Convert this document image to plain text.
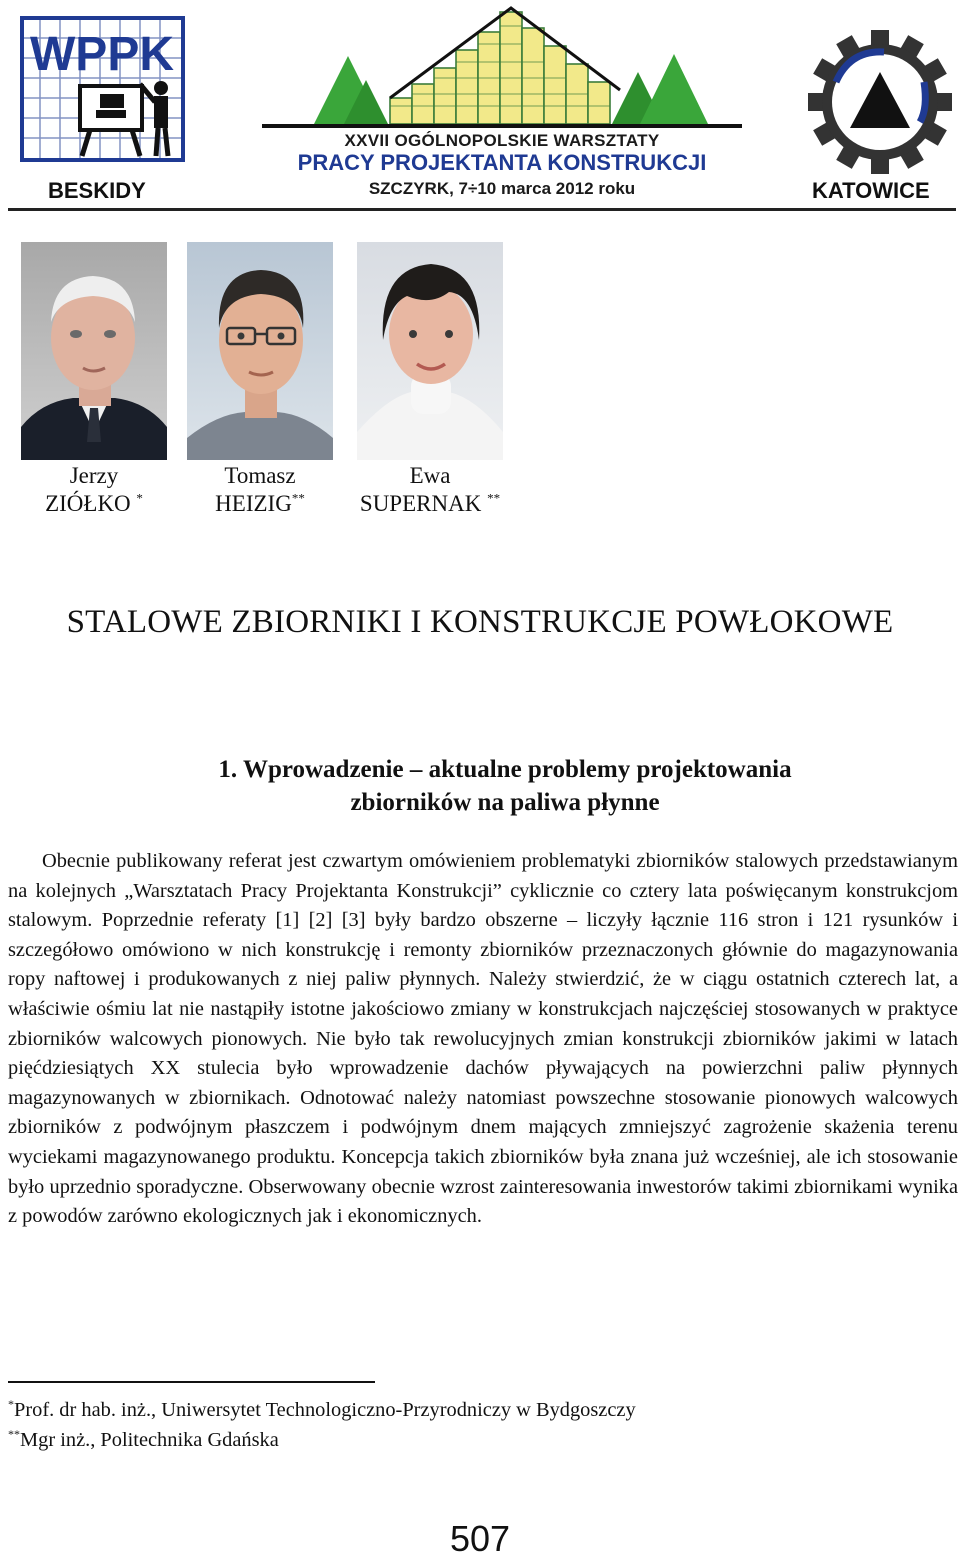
WPPK
BESKIDY
XXVII OGÓLNOPOLSKIE WARSZTATY
PRACY PROJEKTANTA KONSTRUKCJI
SZCZYRK, 7÷10 marca 2012 roku	KATOWICE
Jerzy
ZIÓŁKO *
Tomasz
HEIZIG**
Ewa
SUPERNAK **
STALOWE ZBIORNIKI I KONSTRUKCJE POWŁOKOWE
1. Wprowadzenie – aktualne problemy projektowania
zbiorników na paliwa płynne

Obecnie publikowany referat jest czwartym omówieniem problematyki zbiorników stalowych przedstawianym na kolejnych „Warsztatach Pracy Projektanta Konstrukcji” cyklicznie co cztery lata poświęcanym konstrukcjom stalowym. Poprzednie referaty [1] [2] [3] były bardzo obszerne – liczyły łącznie 116 stron i 121 rysunków i szczegółowo omówiono w nich konstrukcję i remonty zbiorników przeznaczonych głównie do magazynowania ropy naftowej i produkowanych z niej paliw płynnych. Należy stwierdzić, że w ciągu ostatnich czterech lat, a właściwie ośmiu lat nie nastąpiły istotne jakościowo zmiany w konstrukcjach najczęściej stosowanych w praktyce zbiorników walcowych pionowych. Nie było tak rewolucyjnych zmian konstrukcji zbiorników jakimi w latach pięćdziesiątych XX stulecia było wprowadzenie dachów pływających na powierzchni paliw płynnych magazynowanych w zbiornikach. Odnotować należy natomiast powszechne stosowanie pionowych walcowych zbiorników z podwójnym płaszczem i podwójnym dnem mających zmniejszyć zagrożenie skażenia terenu wyciekami magazynowanego produktu. Koncepcja takich zbiorników była znana już wcześniej, ale ich stosowanie było uprzednio sporadyczne. Obserwowany obecnie wzrost zainteresowania inwestorów takimi zbiornikami wynika z powodów zarówno ekologicznych jak i ekonomicznych.

*Prof. dr hab. inż., Uniwersytet Technologiczno-Przyrodniczy w Bydgoszczy
**Mgr inż., Politechnika Gdańska
507
